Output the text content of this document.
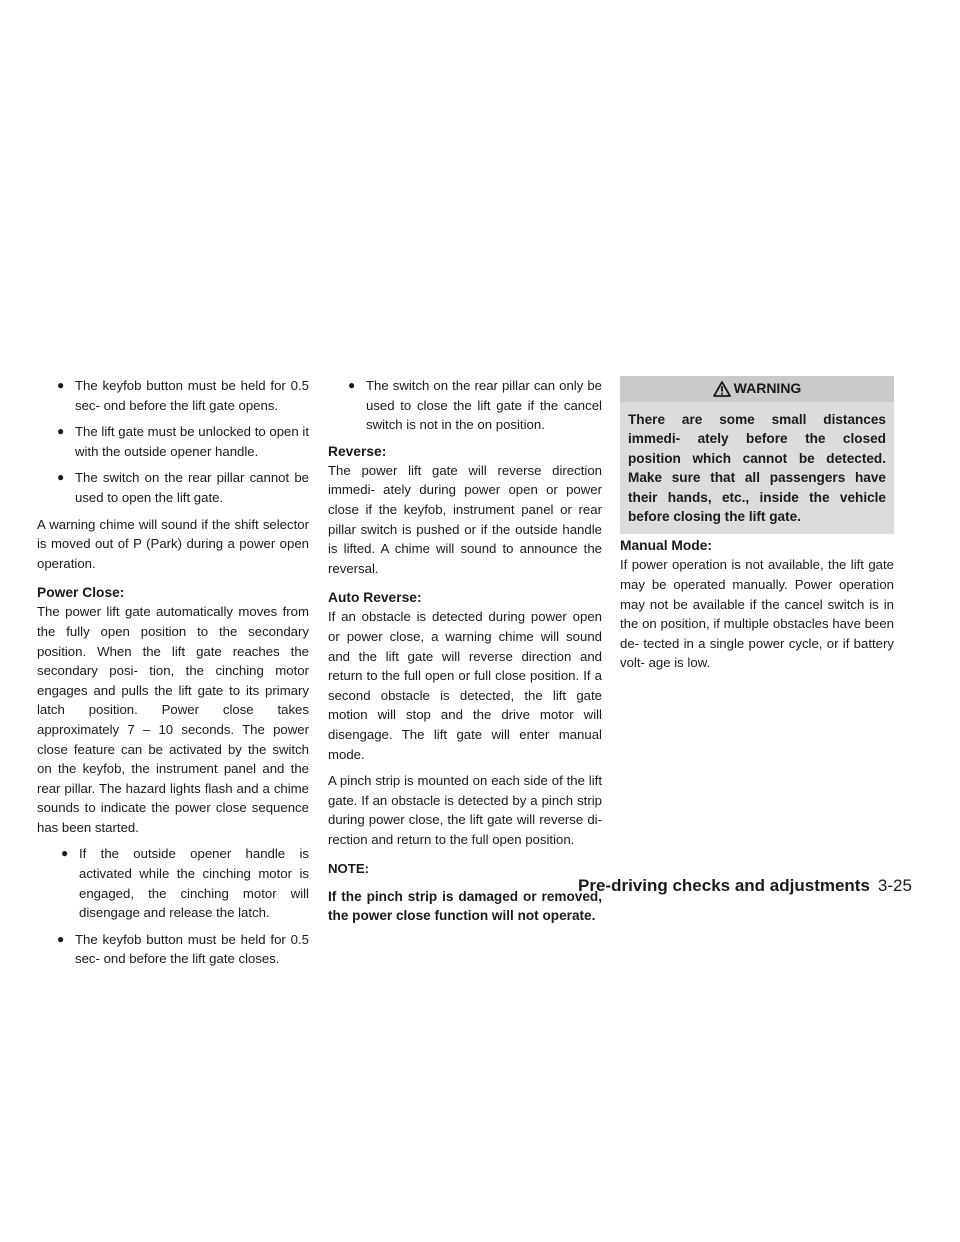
● The keyfob button must be held for 0.5 sec- ond before the lift gate opens.
● The lift gate must be unlocked to open it with the outside opener handle.
● The switch on the rear pillar cannot be used to open the lift gate.

A warning chime will sound if the shift selector is moved out of P (Park) during a power open operation.

Power Close:

The power lift gate automatically moves from the fully open position to the secondary position. When the lift gate reaches the secondary posi- tion, the cinching motor engages and pulls the lift gate to its primary latch position. Power close takes approximately 7 – 10 seconds. The power close feature can be activated by the switch on the keyfob, the instrument panel and the rear pillar. The hazard lights flash and a chime sounds to indicate the power close sequence has been started.

● If the outside opener handle is activated while the cinching motor is engaged, the cinching motor will disengage and release the latch.
● The keyfob button must be held for 0.5 sec- ond before the lift gate closes.
● The switch on the rear pillar can only be used to close the lift gate if the cancel switch is not in the on position.
Reverse:

The power lift gate will reverse direction immedi- ately during power open or power close if the keyfob, instrument panel or rear pillar switch is pushed or if the outside handle is lifted. A chime will sound to announce the reversal.

Auto Reverse:

If an obstacle is detected during power open or power close, a warning chime will sound and the lift gate will reverse direction and return to the full open or full close position. If a second obstacle is detected, the lift gate motion will stop and the drive motor will disengage. The lift gate will enter manual mode.

A pinch strip is mounted on each side of the lift gate. If an obstacle is detected by a pinch strip during power close, the lift gate will reverse di- rection and return to the full open position.

NOTE:
If the pinch strip is damaged or removed, the power close function will not operate.
WARNING
There are some small distances immedi- ately before the closed position which cannot be detected. Make sure that all passengers have their hands, etc., inside the vehicle before closing the lift gate.
Manual Mode:

If power operation is not available, the lift gate may be operated manually. Power operation may not be available if the cancel switch is in the on position, if multiple obstacles have been de- tected in a single power cycle, or if battery volt- age is low.

Pre-driving checks and adjustments 3-25
